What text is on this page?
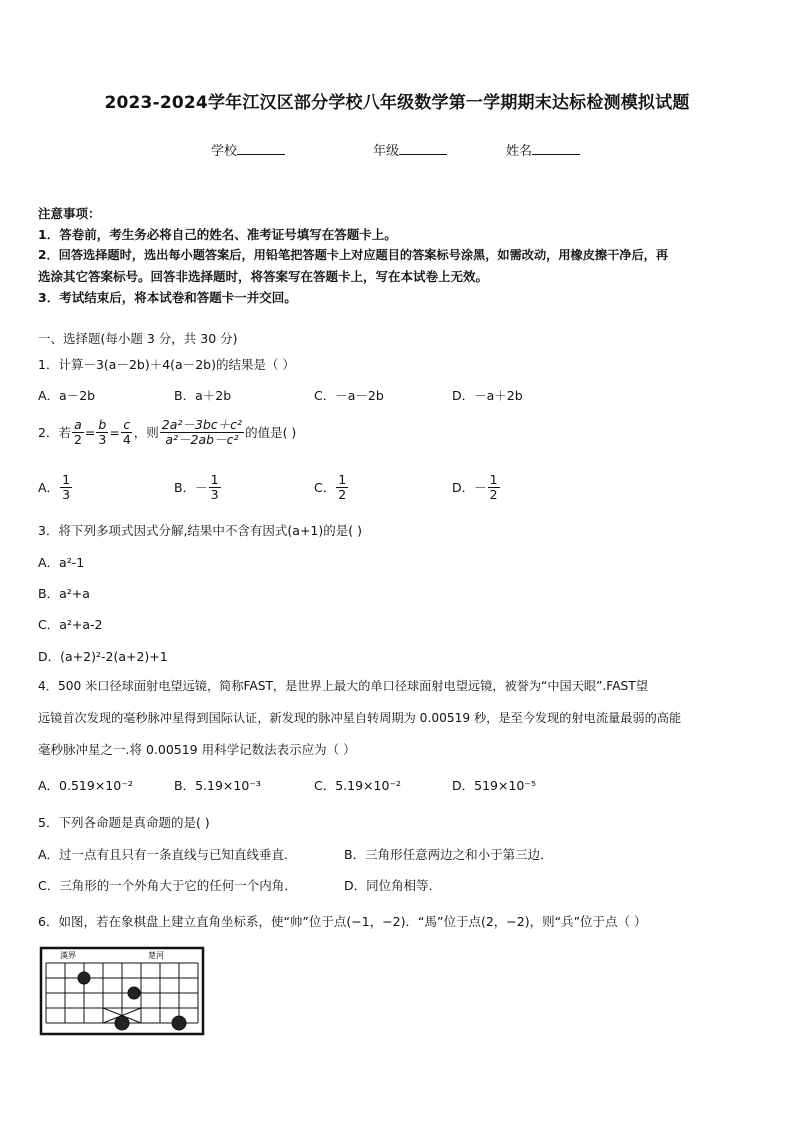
2023-2024学年江汉区部分学校八年级数学第一学期期末达标检测模拟试题
学校	年级	姓名
注意事项：
1．答卷前，考生务必将自己的姓名、准考证号填写在答题卡上。
2．回答选择题时，选出每小题答案后，用铅笔把答题卡上对应题目的答案标号涂黑，如需改动，用橡皮擦干净后，再
选涂其它答案标号。回答非选择题时，将答案写在答题卡上，写在本试卷上无效。
3．考试结束后，将本试卷和答题卡一并交回。
一、选择题(每小题 3 分，共 30 分)
1．计算－3(a－2b)＋4(a－2b)的结果是（ ）
A．a－2b	B．a＋2b	C．－a－2b	D．－a＋2b
2．若 $\frac{a}{2} = \frac{b}{3} = \frac{c}{4}$ ，则 $\frac{\text{2a²－3bc＋c²}}{\text{a²－2ab－c²}}$ 的值是( )
A． $\frac{1}{3}$	B． － $\frac{1}{3}$	C． $\frac{1}{2}$	D． － $\frac{1}{2}$
3．将下列多项式因式分解,结果中不含有因式(a+1)的是( )
A．a²-1
B．a²+a
C．a²+a-2
D．(a+2)²-2(a+2)+1
4．500 米口径球面射电望远镜，简称FAST，是世界上最大的单口径球面射电望远镜，被誉为“中国天眼”.FAST望
远镜首次发现的毫秒脉冲星得到国际认证，新发现的脉冲星自转周期为 0.00519 秒，是至今发现的射电流量最弱的高能
毫秒脉冲星之一.将 0.00519 用科学记数法表示应为（ ）
A．0.519×10⁻²	B．5.19×10⁻³	C．5.19×10⁻²	D．519×10⁻⁵
5．下列各命题是真命题的是( )
A．过一点有且只有一条直线与已知直线垂直．	B．三角形任意两边之和小于第三边．
C．三角形的一个外角大于它的任何一个内角．	D．同位角相等．
6．如图，若在象棋盘上建立直角坐标系，使“帅”位于点(−1，−2)．“馬”位于点(2，−2)，则“兵”位于点（ ）
漢界	楚河
